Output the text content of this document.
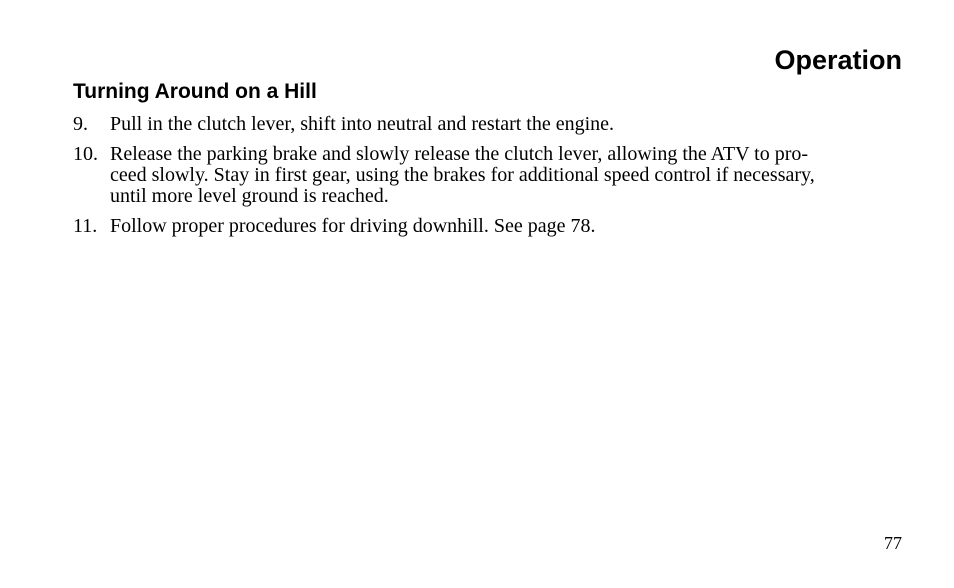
Operation
Turning Around on a Hill
9. Pull in the clutch lever, shift into neutral and restart the engine.
10. Release the parking brake and slowly release the clutch lever, allowing the ATV to pro-
ceed slowly. Stay in first gear, using the brakes for additional speed control if necessary,
until more level ground is reached.
11. Follow proper procedures for driving downhill. See page 78.
77
